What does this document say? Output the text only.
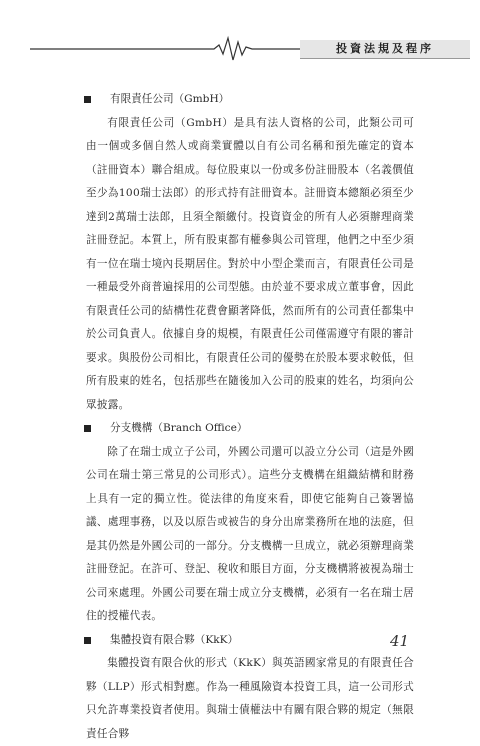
投資法規及程序

有限責任公司（GmbH）

有限責任公司（GmbH）是具有法人資格的公司，此類公司可由一個或多個自然人或商業實體以自有公司名稱和預先確定的資本（註冊資本）聯合組成。每位股東以一份或多份註冊股本（名義價值至少為100瑞士法郎）的形式持有註冊資本。註冊資本總額必須至少達到2萬瑞士法郎，且須全額繳付。投資資金的所有人必須辦理商業註冊登記。本質上，所有股東都有權參與公司管理，他們之中至少須有一位在瑞士境內長期居住。對於中小型企業而言，有限責任公司是一種最受外商普遍採用的公司型態。由於並不要求成立董事會，因此有限責任公司的結構性花費會顯著降低，然而所有的公司責任都集中於公司負責人。依據自身的規模，有限責任公司僅需遵守有限的審計要求。與股份公司相比，有限責任公司的優勢在於股本要求較低，但所有股東的姓名，包括那些在隨後加入公司的股東的姓名，均須向公眾披露。

分支機構（Branch Office）

除了在瑞士成立子公司，外國公司還可以設立分公司（這是外國公司在瑞士第三常見的公司形式）。這些分支機構在組織結構和財務上具有一定的獨立性。從法律的角度來看，即使它能夠自己簽署協議、處理事務，以及以原告或被告的身分出席業務所在地的法庭，但是其仍然是外國公司的一部分。分支機構一旦成立，就必須辦理商業註冊登記。在許可、登記、稅收和賬目方面，分支機構將被視為瑞士公司來處理。外國公司要在瑞士成立分支機構，必須有一名在瑞士居住的授權代表。

集體投資有限合夥（KkK）

集體投資有限合伙的形式（KkK）與英語國家常見的有限責任合夥（LLP）形式相對應。作為一種風險資本投資工具，這一公司形式只允許專業投資者使用。與瑞士債權法中有關有限合夥的規定（無限責任合夥

41
